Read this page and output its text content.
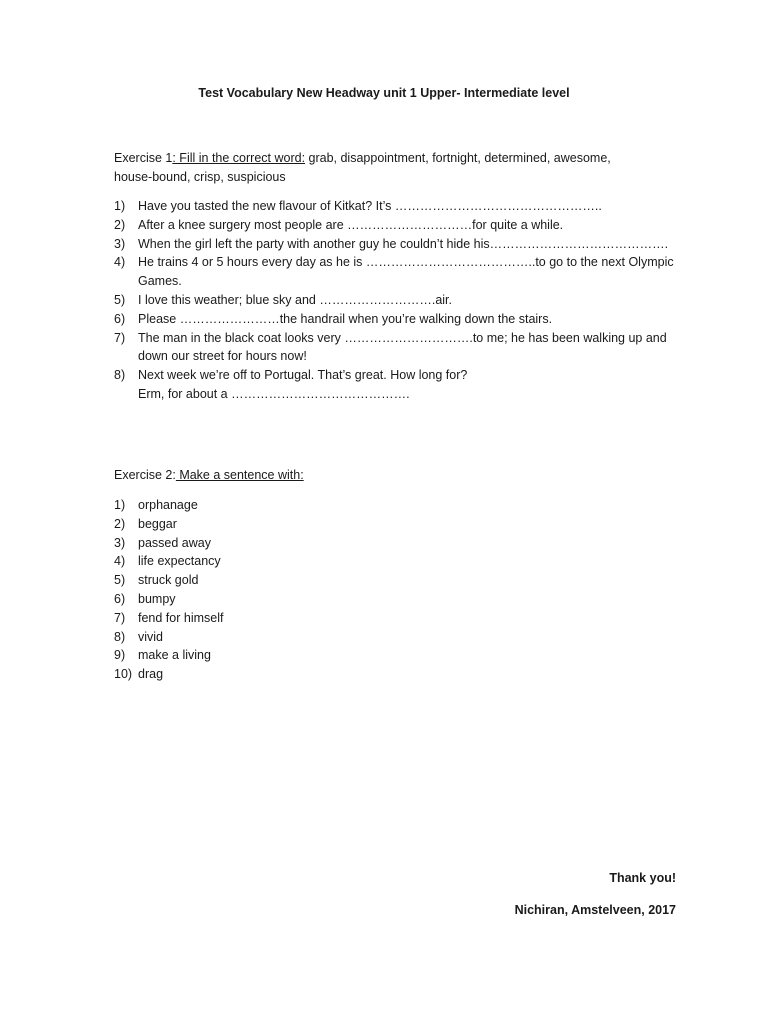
Test Vocabulary New Headway unit 1 Upper- Intermediate level
Exercise 1: Fill in the correct word: grab, disappointment, fortnight, determined, awesome,
house-bound, crisp, suspicious
1) Have you tasted the new flavour of Kitkat? It’s …………………………………………..
2) After a knee surgery most people are …………………………for quite a while.
3) When the girl left the party with another guy he couldn’t hide his…………………………………….
4) He trains 4 or 5 hours every day as he is …………………………………..to go to the next Olympic
Games.
5) I love this weather; blue sky and ……………………….air.
6) Please ……………………the handrail when you’re walking down the stairs.
7) The man in the black coat looks very ………………………….to me; he has been walking up and
down our street for hours now!
8) Next week we’re off to Portugal. That’s great. How long for?
Erm, for about a …………………………………….
Exercise 2: Make a sentence with:
1) orphanage
2) beggar
3) passed away
4) life expectancy
5) struck gold
6) bumpy
7) fend for himself
8) vivid
9) make a living
10) drag
Thank you!
Nichiran, Amstelveen, 2017
